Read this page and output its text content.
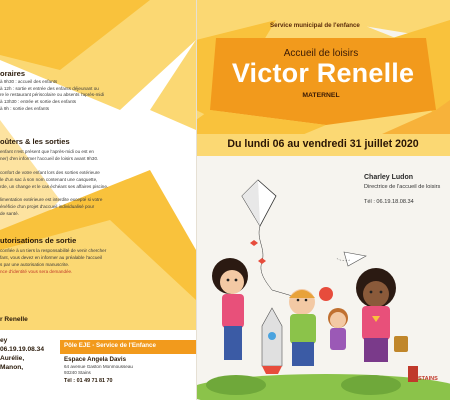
oraires
à 9h30 : accueil des enfants
à 12h : sortie et entrée des enfants déjeunant ou
re le restaurant périscolaire ou absents l'après-midi
à 13h30 : entrée et sortie des enfants
à 9h : sortie des enfants
oûters & les sorties
enfant n'est présent que l'après-midi ou est en
ner) d'en informer l'accueil de loisirs avant 9h30.
confort de votre enfant lors des sorties extérieure
le d'un sac à son nom contenant une casquette,
rde, un change et le cas échéant ses affaires piscine.
limentation extérieure est interdite excepté si votre
énéficie d'un projet d'accueil individualisé pour
de santé.
utorisations de sortie
confiée à un tiers la responsabilité de venir chercher
fant, vous devez en informer au préalable l'accueil
s par une autorisation manuscrite.
nce d'identité vous sera demandée.
r Renelle
ey
06.19.19.08.34
Aurélie,
Manon,
Pôle EJE - Service de l'Enfance
Espace Angela Davis
64 avenue Gaston Monmousseau
93240 Stains
Tél : 01 49 71 81 70
Service municipal de l'enfance
Accueil de loisirs
Victor Renelle
MATERNEL
Du lundi 06 au vendredi 31 juillet 2020
Charley Ludon
Directrice de l'accueil de loisirs
Tél : 06.19.18.08.34
STAINS
